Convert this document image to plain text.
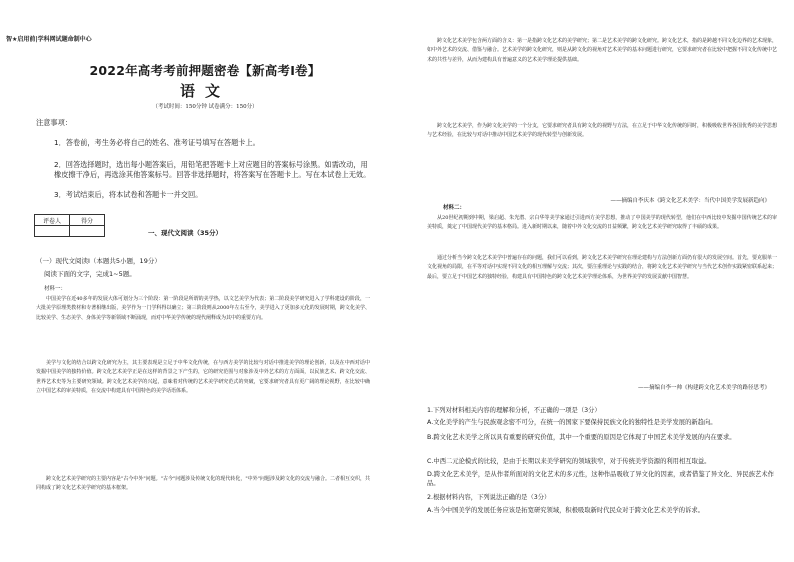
智★启用前|学科网试题命制中心
2022年高考考前押题密卷【新高考Ⅰ卷】
语文
（考试时间：150分钟 试卷满分：150分）
注意事项：
1．答卷前，考生务必将自己的姓名、准考证号填写在答题卡上。
2．回答选择题时，选出每小题答案后，用铅笔把答题卡上对应题目的答案标号涂黑。如需改动，用橡皮擦干净后，再选涂其他答案标号。回答非选择题时，将答案写在答题卡上。写在本试卷上无效。
3．考试结束后，将本试卷和答题卡一并交回。
评卷人	得分

一、现代文阅读（35分）
（一）现代文阅读Ⅰ（本题共5小题，19分）
阅读下面的文字，完成1~5题。
材料一：
中国美学在近40多年的发展大体可划分为三个阶段：第一阶段是所谓的美学热，以文艺美学为代表；第二阶段美学研究进入了学科建设的阶段，一大批美学原理类教材和专著相继出版，美学作为一门学科得以确立；第三阶段则从2000年左右至今，美学进入了更加多元化的发展时期，跨文化美学、比较美学、生态美学、身体美学等新领域不断涌现，而对中华美学传统的现代阐释成为其中的重要方向。
美学与文化的结合以跨文化研究为主，其主要表现是立足于中华文化传统，在与西方美学的比较与对话中推进美学的理论创新，以及在中西对话中发掘中国美学的独特价值。跨文化艺术美学正是在这样的背景之下产生的，它的研究范围与对象涉及中外艺术的方方面面，以民族艺术、跨文化交流、世界艺术史等为主要研究领域。跨文化艺术美学的兴起，意味着对传统的艺术美学研究范式的突破，它要求研究者具有更广阔的理论视野，在比较中确立中国艺术的审美特质，在交流中构建具有中国特色的美学话语体系。
跨文化艺术美学研究的主要内容是"古今中外"问题。"古今"问题涉及传统文化的现代转化，"中外"问题涉及跨文化的交流与融合。二者相互交织，共同构成了跨文化艺术美学研究的基本框架。
跨文化艺术美学包含两方面的含义：第一是指跨文化艺术的美学研究；第二是艺术美学的跨文化研究。跨文化艺术，指的是跨越不同文化边界的艺术现象，如中外艺术的交流、借鉴与融合。艺术美学的跨文化研究，则是从跨文化的视角对艺术美学的基本问题进行研究，它要求研究者在比较中把握不同文化传统中艺术的共性与差异，从而为建构具有普遍意义的艺术美学理论提供基础。
跨文化艺术美学，作为跨文化美学的一个分支，它要求研究者具有跨文化的视野与方法，在立足于中华文化传统的同时，积极吸收世界各国优秀的美学思想与艺术经验，在比较与对话中推动中国艺术美学的现代转型与创新发展。
——摘编自李庆本《跨文化艺术美学：当代中国美学发展新趋向》
材料二：
从20世纪初期到中期，梁启超、朱光潜、宗白华等美学家通过引进西方美学思想，推动了中国美学的现代转型，他们在中西比较中发掘中国传统艺术的审美特质，奠定了中国现代美学的基本格局。进入新时期以来，随着中外文化交流的日益频繁，跨文化艺术美学研究取得了丰硕的成果。
通过分析当今跨文化艺术美学中普遍存在的问题，我们可以看到，跨文化艺术美学研究在理论建构与方法创新方面仍有很大的发展空间。首先，要克服单一文化视角的局限，在平等对话中实现不同文化的相互理解与交流；其次，要注重理论与实践的结合，将跨文化艺术美学研究与当代艺术创作实践紧密联系起来；最后，要立足于中国艺术的独特经验，构建具有中国特色的跨文化艺术美学理论体系，为世界美学的发展贡献中国智慧。
——摘编自李一帅《构建跨文化艺术美学的路径思考》
1.下列对材料相关内容的理解和分析，不正确的一项是（3分）
A.文化美学的产生与民族观念密不可分，在统一的国家下要保持民族文化的独特性是美学发展的新趋向。
B.跨文化艺术美学之所以具有重要的研究价值，其中一个重要的原因是它体现了中国艺术美学发展的内在要求。
C.中西二元论模式的比较，是由于长期以来美学研究的领域狭窄，对于传统美学资源的利用相互取益。
D.跨文化艺术美学，是从作者所面对的文化艺术的多元性，这种作品吸收了异文化的因素，或者借鉴了异文化、异民族艺术作品。
2.根据材料内容，下列说法正确的是（3分）
A.当今中国美学的发展任务应该是拓宽研究领域，积极吸取新时代民众对于跨文化艺术美学的诉求。
